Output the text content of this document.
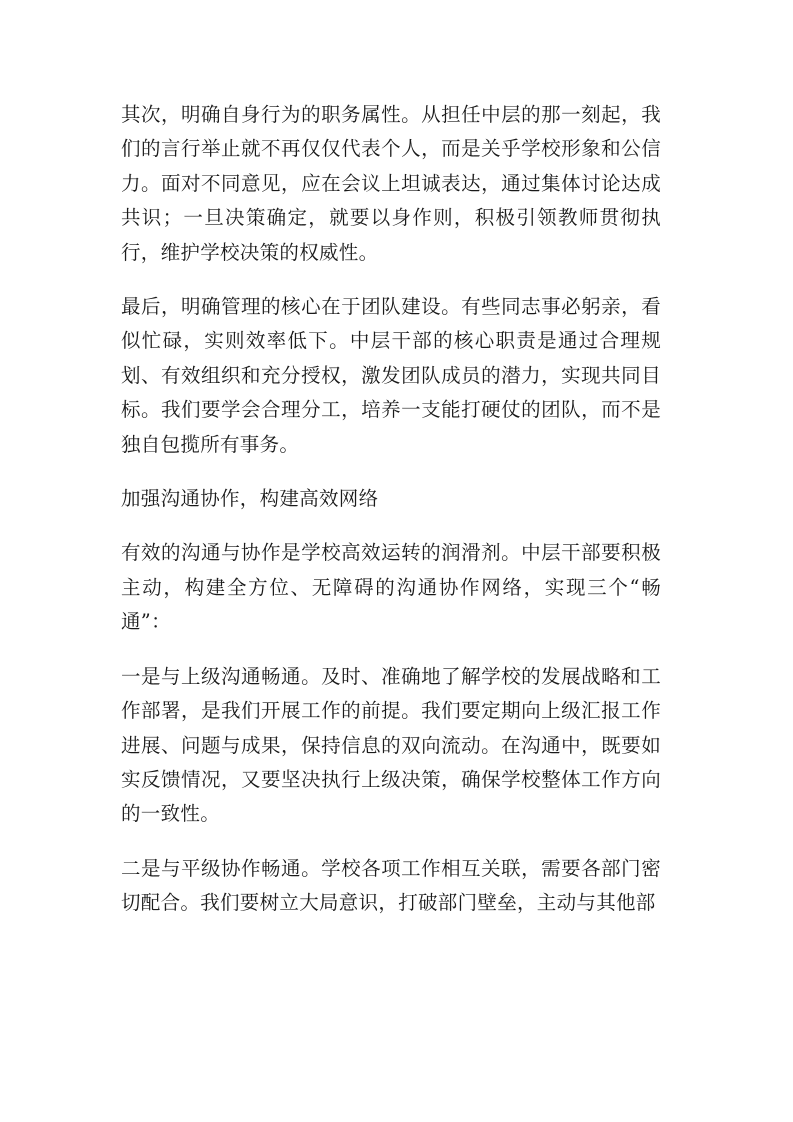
其次，明确自身行为的职务属性。从担任中层的那一刻起，我们的言行举止就不再仅仅代表个人，而是关乎学校形象和公信力。面对不同意见，应在会议上坦诚表达，通过集体讨论达成共识；一旦决策确定，就要以身作则，积极引领教师贯彻执行，维护学校决策的权威性。

最后，明确管理的核心在于团队建设。有些同志事必躬亲，看似忙碌，实则效率低下。中层干部的核心职责是通过合理规划、有效组织和充分授权，激发团队成员的潜力，实现共同目标。我们要学会合理分工，培养一支能打硬仗的团队，而不是独自包揽所有事务。

加强沟通协作，构建高效网络

有效的沟通与协作是学校高效运转的润滑剂。中层干部要积极主动，构建全方位、无障碍的沟通协作网络，实现三个“畅通”：

一是与上级沟通畅通。及时、准确地了解学校的发展战略和工作部署，是我们开展工作的前提。我们要定期向上级汇报工作进展、问题与成果，保持信息的双向流动。在沟通中，既要如实反馈情况，又要坚决执行上级决策，确保学校整体工作方向的一致性。

二是与平级协作畅通。学校各项工作相互关联，需要各部门密切配合。我们要树立大局意识，打破部门壁垒，主动与其他部
